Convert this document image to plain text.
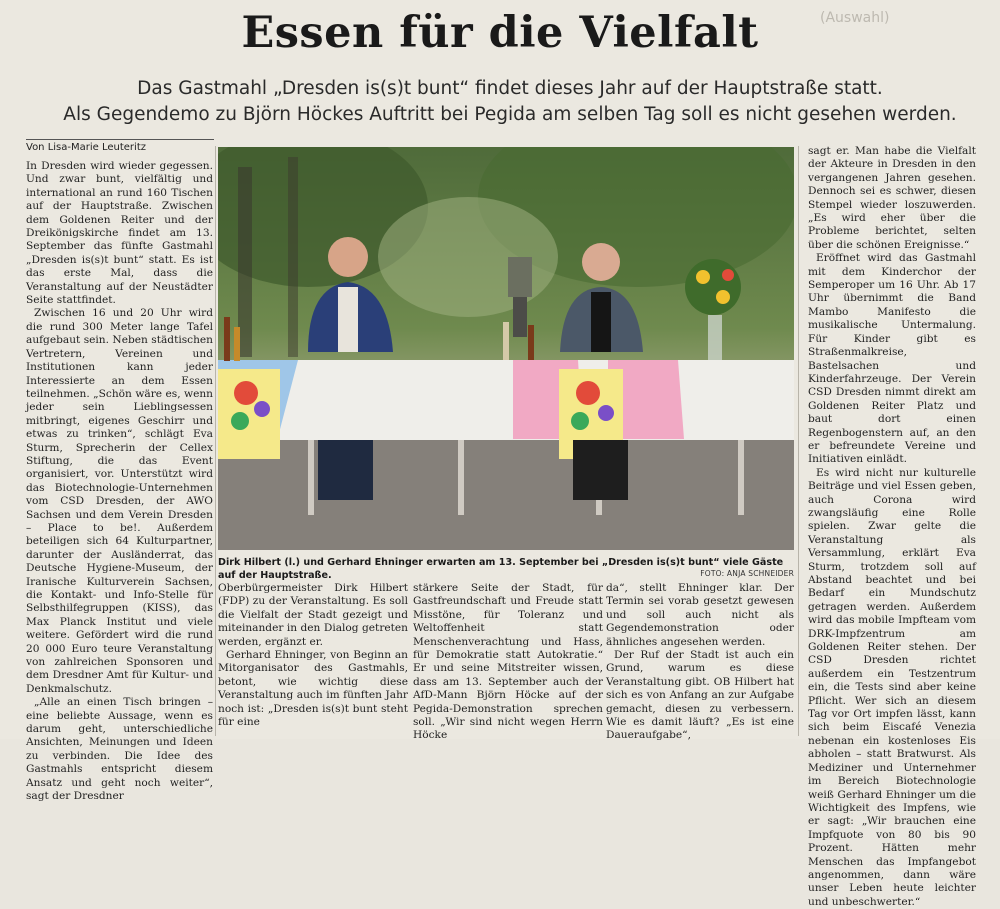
(Auswahl)
Essen für die Vielfalt
Das Gastmahl „Dresden is(s)t bunt“ findet dieses Jahr auf der Hauptstraße statt.
Als Gegendemo zu Björn Höckes Auftritt bei Pegida am selben Tag soll es nicht gesehen werden.
Von Lisa-Marie Leuteritz

In Dresden wird wieder gegessen. Und zwar bunt, vielfältig und international an rund 160 Tischen auf der Hauptstraße. Zwischen dem Goldenen Reiter und der Dreikönigskirche findet am 13. September das fünfte Gastmahl „Dresden is(s)t bunt“ statt. Es ist das erste Mal, dass die Veranstaltung auf der Neustädter Seite stattfindet.

Zwischen 16 und 20 Uhr wird die rund 300 Meter lange Tafel aufgebaut sein. Neben städtischen Vertretern, Vereinen und Institutionen kann jeder Interessierte an dem Essen teilnehmen. „Schön wäre es, wenn jeder sein Lieblingsessen mitbringt, eigenes Geschirr und etwas zu trinken“, schlägt Eva Sturm, Sprecherin der Cellex Stiftung, die das Event organisiert, vor. Unterstützt wird das Biotechnologie-Unternehmen vom CSD Dresden, der AWO Sachsen und dem Verein Dresden – Place to be!. Außerdem beteiligen sich 64 Kulturpartner, darunter der Ausländerrat, das Deutsche Hygiene-Museum, der Iranische Kulturverein Sachsen, die Kontakt- und Info-Stelle für Selbsthilfegruppen (KISS), das Max Planck Institut und viele weitere. Gefördert wird die rund 20 000 Euro teure Veranstaltung von zahlreichen Sponsoren und dem Dresdner Amt für Kultur- und Denkmalschutz.

„Alle an einen Tisch bringen – eine beliebte Aussage, wenn es darum geht, unterschiedliche Ansichten, Meinungen und Ideen zu verbinden. Die Idee des Gastmahls entspricht diesem Ansatz und geht noch weiter“, sagt der Dresdner

Dirk Hilbert (l.) und Gerhard Ehninger erwarten am 13. September bei „Dresden is(s)t bunt“ viele Gäste auf der Hauptstraße.	FOTO: ANJA SCHNEIDER

Oberbürgermeister Dirk Hilbert (FDP) zu der Veranstaltung. Es soll die Vielfalt der Stadt gezeigt und miteinander in den Dialog getreten werden, ergänzt er.

Gerhard Ehninger, von Beginn an Mitorganisator des Gastmahls, betont, wie wichtig diese Veranstaltung auch im fünften Jahr noch ist: „Dresden is(s)t bunt steht für eine

stärkere Seite der Stadt, für Gastfreundschaft und Freude statt Misstöne, für Toleranz und Weltoffenheit statt Menschenverachtung und Hass, für Demokratie statt Autokratie.“ Er und seine Mitstreiter wissen, dass am 13. September auch der AfD-Mann Björn Höcke auf der Pegida-Demonstration sprechen soll. „Wir sind nicht wegen Herrn Höcke

da“, stellt Ehninger klar. Der Termin sei vorab gesetzt gewesen und soll auch nicht als Gegendemonstration oder ähnliches angesehen werden.

Der Ruf der Stadt ist auch ein Grund, warum es diese Veranstaltung gibt. OB Hilbert hat sich es von Anfang an zur Aufgabe gemacht, diesen zu verbessern. Wie es damit läuft? „Es ist eine Daueraufgabe“,

sagt er. Man habe die Vielfalt der Akteure in Dresden in den vergangenen Jahren gesehen. Dennoch sei es schwer, diesen Stempel wieder loszuwerden. „Es wird eher über die Probleme berichtet, selten über die schönen Ereignisse.“

Eröffnet wird das Gastmahl mit dem Kinderchor der Semperoper um 16 Uhr. Ab 17 Uhr übernimmt die Band Mambo Manifesto die musikalische Untermalung. Für Kinder gibt es Straßenmalkreise, Bastelsachen und Kinderfahrzeuge. Der Verein CSD Dresden nimmt direkt am Goldenen Reiter Platz und baut dort einen Regenbogenstern auf, an den er befreundete Vereine und Initiativen einlädt.

Es wird nicht nur kulturelle Beiträge und viel Essen geben, auch Corona wird zwangsläufig eine Rolle spielen. Zwar gelte die Veranstaltung als Versammlung, erklärt Eva Sturm, trotzdem soll auf Abstand beachtet und bei Bedarf ein Mundschutz getragen werden. Außerdem wird das mobile Impfteam vom DRK-Impfzentrum am Goldenen Reiter stehen. Der CSD Dresden richtet außerdem ein Testzentrum ein, die Tests sind aber keine Pflicht. Wer sich an diesem Tag vor Ort impfen lässt, kann sich beim Eiscafé Venezia nebenan ein kostenloses Eis abholen – statt Bratwurst. Als Mediziner und Unternehmer im Bereich Biotechnologie weiß Gerhard Ehninger um die Wichtigkeit des Impfens, wie er sagt: „Wir brauchen eine Impfquote von 80 bis 90 Prozent. Hätten mehr Menschen das Impfangebot angenommen, dann wäre unser Leben heute leichter und unbeschwerter.“
